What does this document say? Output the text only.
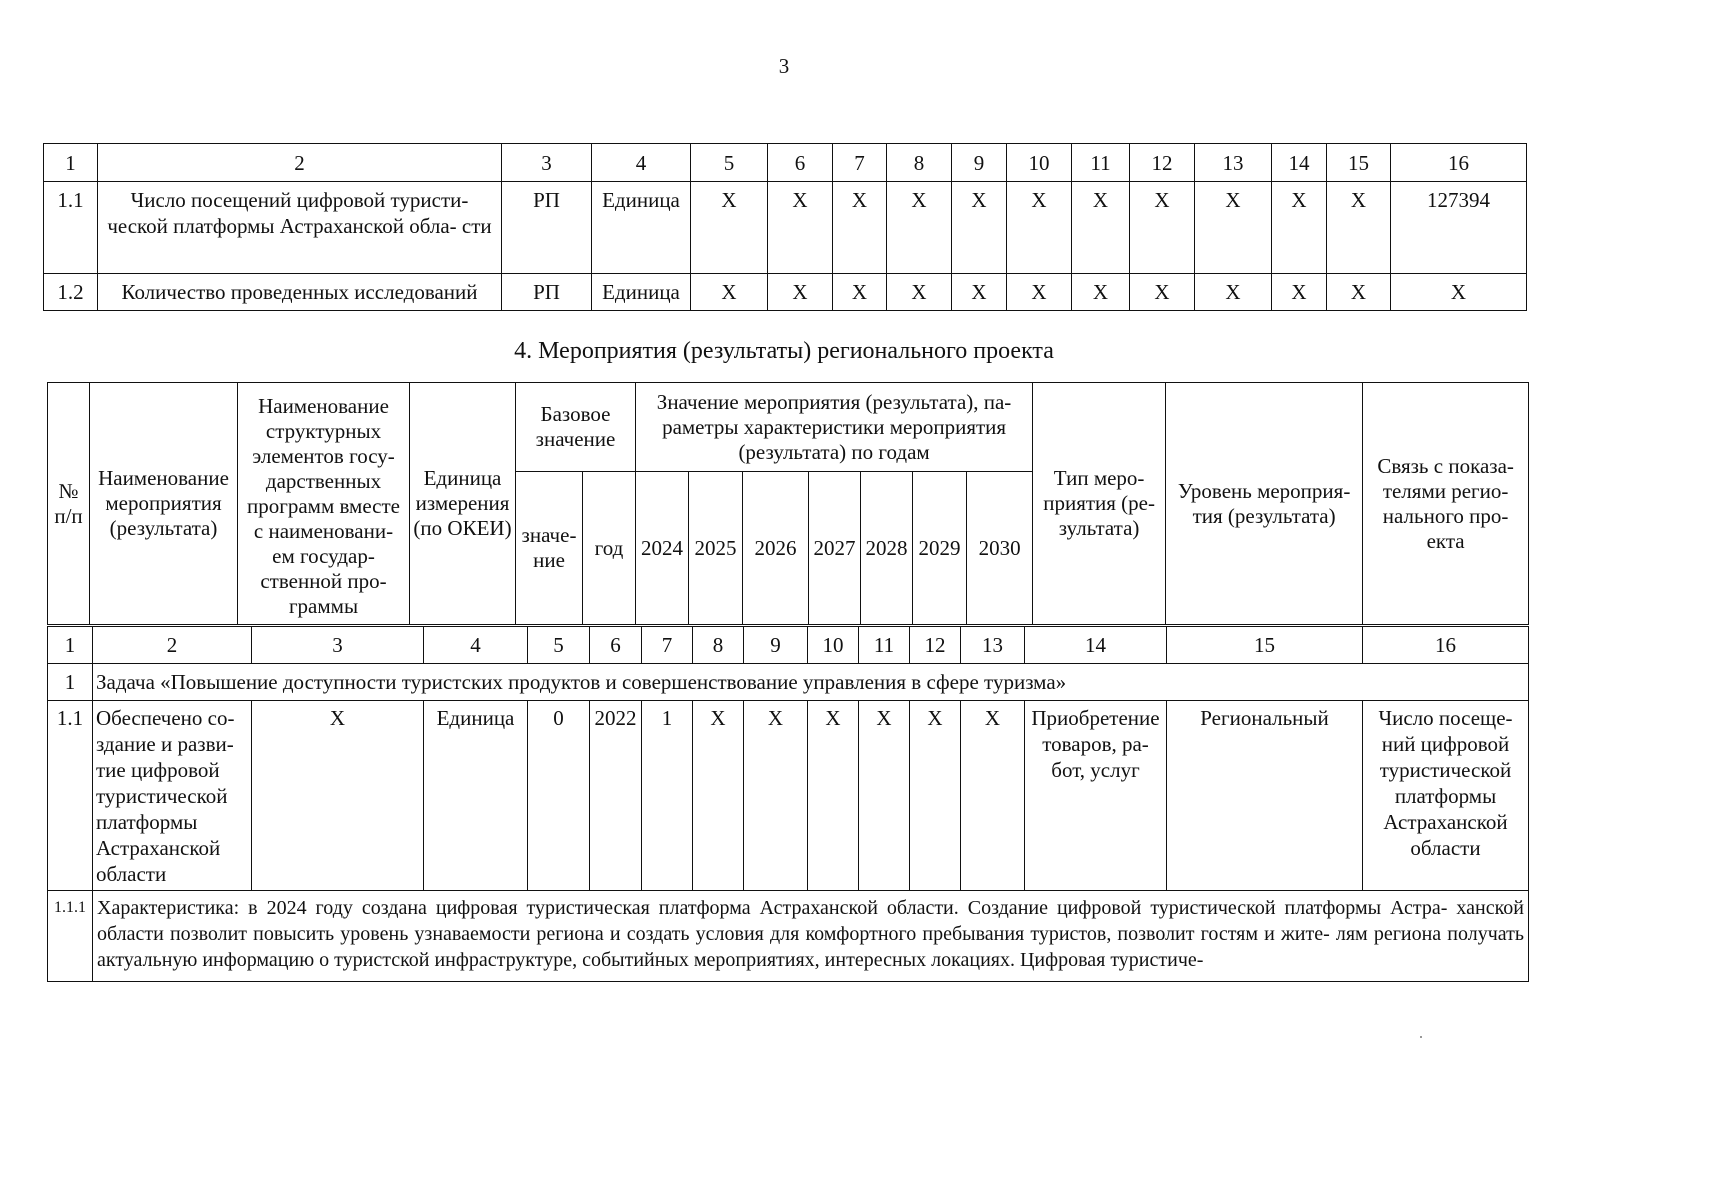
3
1	2	3	4	5	6	7	8	9	10	11	12	13	14	15	16
1.1	Число посещений цифровой туристи- ческой платформы Астраханской обла- сти	РП	Единица	X	X	X	X	X	X	X	X	X	X	X	127394
1.2	Количество проведенных исследований	РП	Единица	X	X	X	X	X	X	X	X	X	X	X	X
4. Мероприятия (результаты) регионального проекта
№ п/п	Наименование мероприятия (результата)	Наименование структурных элементов госу- дарственных программ вместе с наименовани- ем государ- ственной про- граммы	Единица измерения (по ОКЕИ)	Базовое значение		Значение мероприятия (результата), па- раметры характеристики мероприятия (результата) по годам							Тип меро- приятия (ре- зультата)	Уровень мероприя- тия (результата)	Связь с показа- телями регио- нального про- екта
				значе- ние	год	2024	2025	2026	2027	2028	2029	2030			
1	2	3	4	5	6	7	8	9	10	11	12	13	14	15	16
1	Задача «Повышение доступности туристских продуктов и совершенствование управления в сфере туризма»														
1.1	Обеспечено со- здание и разви- тие цифровой туристической платформы Астраханской области	X	Единица	0	2022	1	X	X	X	X	X	X	Приобретение товаров, ра- бот, услуг	Региональный	Число посеще- ний цифровой туристической платформы Астраханской области
1.1.1	Характеристика: в 2024 году создана цифровая туристическая платформа Астраханской области. Создание цифровой туристической платформы Астра- ханской области позволит повысить уровень узнаваемости региона и создать условия для комфортного пребывания туристов, позволит гостям и жите- лям региона получать актуальную информацию о туристской инфраструктуре, событийных мероприятиях, интересных локациях. Цифровая туристиче-														
